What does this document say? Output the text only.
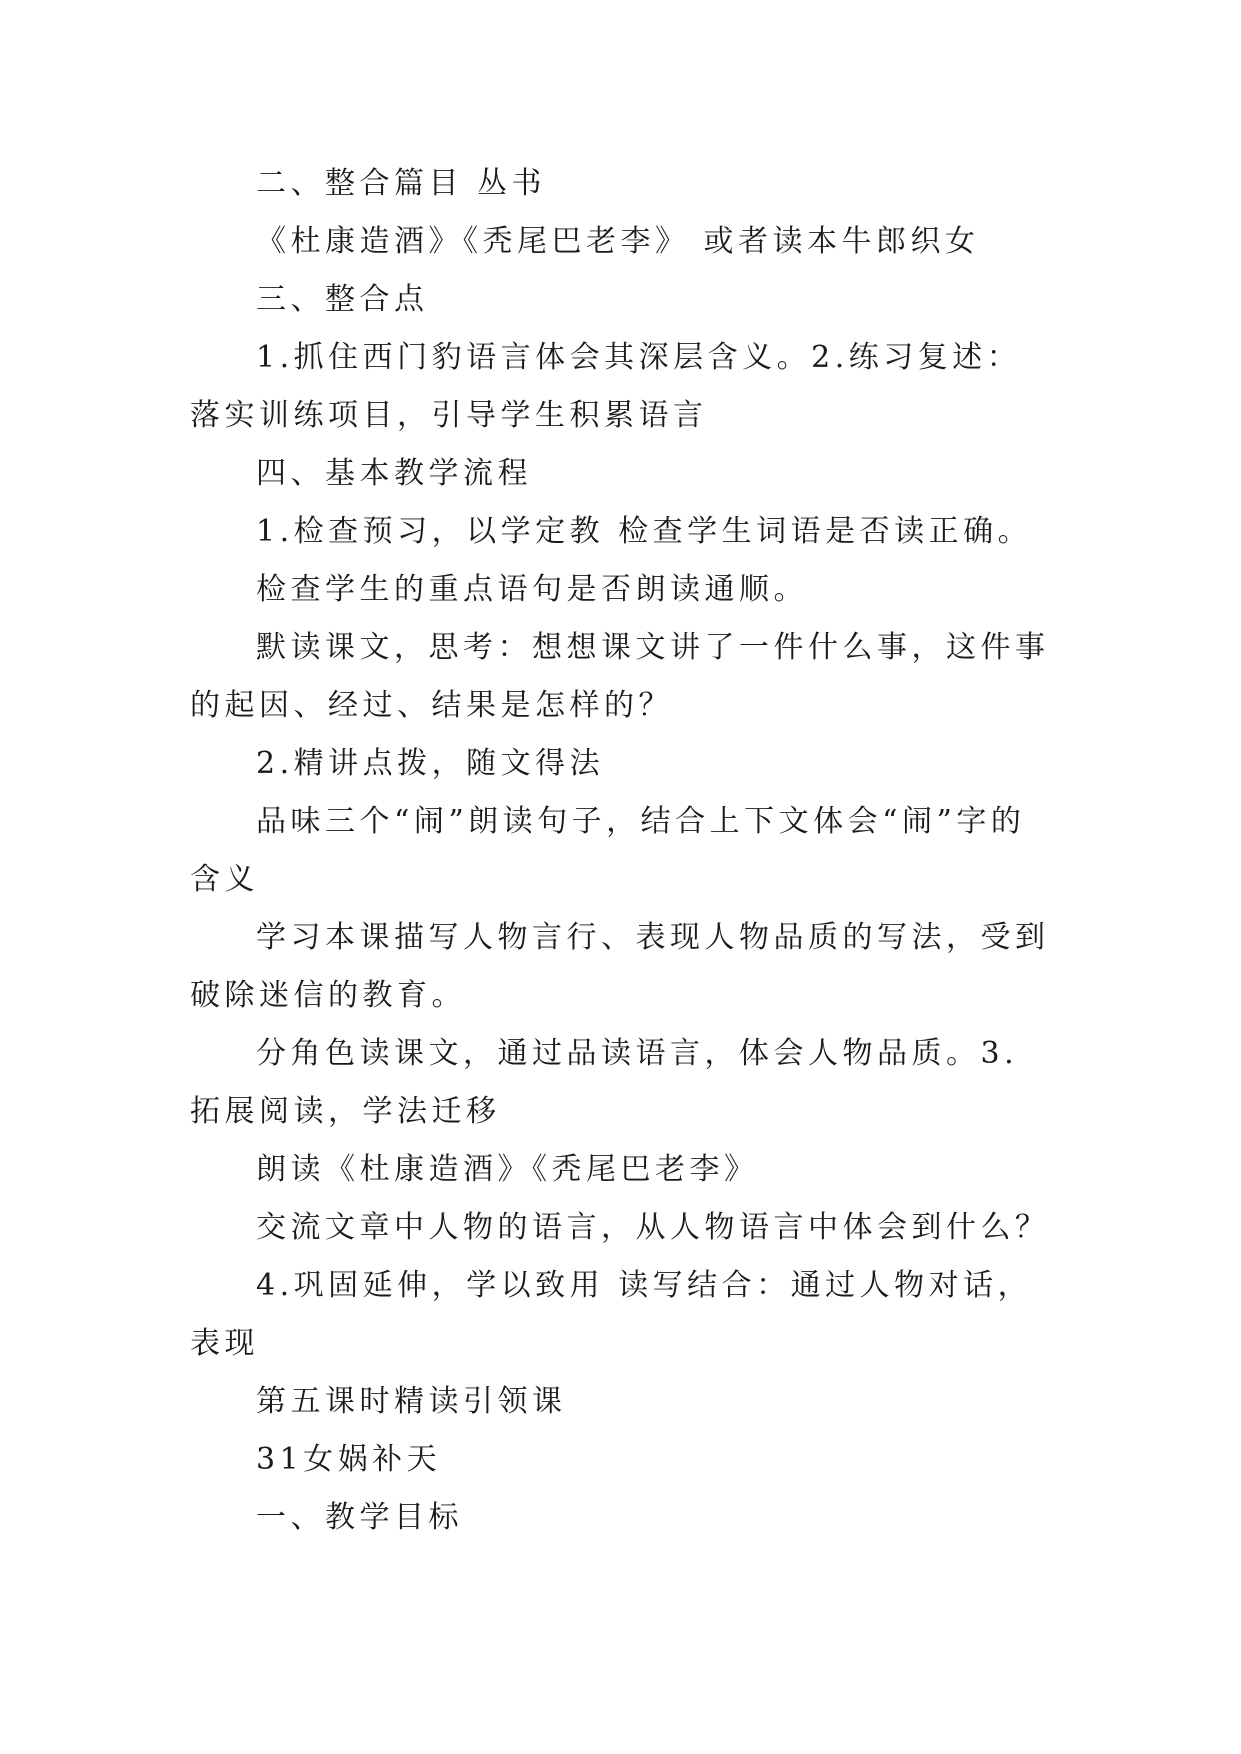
二、整合篇目 丛书

《杜康造酒》《秃尾巴老李》 或者读本牛郎织女

三、整合点

1.抓住西门豹语言体会其深层含义。2.练习复述：落实训练项目，引导学生积累语言

四、基本教学流程

1.检查预习，以学定教 检查学生词语是否读正确。

检查学生的重点语句是否朗读通顺。

默读课文，思考：想想课文讲了一件什么事，这件事的起因、经过、结果是怎样的？

2.精讲点拨，随文得法

品味三个“闹”朗读句子，结合上下文体会“闹”字的含义

学习本课描写人物言行、表现人物品质的写法，受到破除迷信的教育。

分角色读课文，通过品读语言，体会人物品质。3.拓展阅读，学法迁移

朗读《杜康造酒》《秃尾巴老李》

交流文章中人物的语言，从人物语言中体会到什么？

4.巩固延伸，学以致用 读写结合：通过人物对话，表现

第五课时精读引领课

31女娲补天

一、教学目标
